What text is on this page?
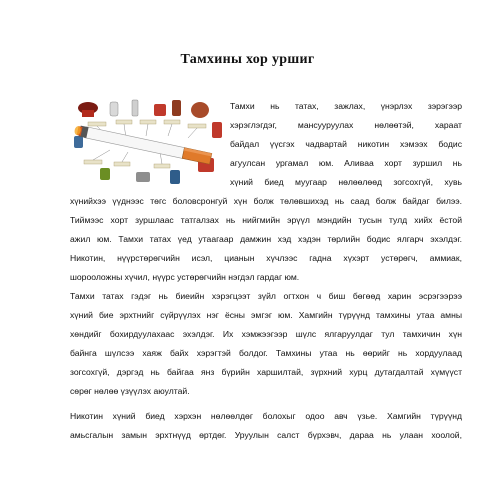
Тамхины хор уршиг
Тамхи нь татах, зажлах, үнэрлэх зэрэгээр
хэрэглэгдэг, мансууруулах нөлөөтэй, хараат
байдал үүсгэх чадвартай никотин хэмээх бодис
агуулсан ургамал юм. Аливаа хорт зуршил нь
хүний биед муугаар нөлөөлөөд зогсохгүй, хувь
хүнийхээ үүднээс төгс боловсронгуй хүн болж төлөвшихэд нь саад болж байдаг билээ.
Тиймээс хорт зуршлаас татгалзах нь нийгмийн эрүүл мэндийн тусын тулд хийх ёстой
ажил юм. Тамхи татах үед утаагаар дамжин хэд хэдэн төрлийн бодис ялгарч эхэлдэг.
Никотин, нүүрстөрөгчийн исэл, цианын хүчлээс гадна хүхэрт устөрөгч, аммиак,
шорооложны хүчил, нүүрс устөрөгчийн нэгдэл гардаг юм.
Тамхи татах гэдэг нь биеийн хэрэгцээт зүйл огтхон ч биш бөгөөд харин эсрэгээрээ
хүний бие эрхтнийг сүйрүүлэх нэг ёсны эмгэг юм. Хамгийн түрүүнд тамхины утаа амны
хөндийг бохирдуулахаас эхэлдэг. Их хэмжээгээр шүлс ялгаруулдаг тул тамхичин хүн
байнга шүлсээ хаяж байх хэрэгтэй болдог. Тамхины утаа нь өөрийг нь хордуулаад
зогсохгүй, дэргэд нь байгаа янз бүрийн харшилтай, зүрхний хурц дутагдалтай хүмүүст
сөрөг нөлөө үзүүлэх аюултай.
Никотин хүний биед хэрхэн нөлөөлдөг болохыг одоо авч үзье. Хамгийн түрүүнд
амьсгалын замын эрхтнүүд өртдөг. Уруулын салст бүрхэвч, дараа нь улаан хоолой,
